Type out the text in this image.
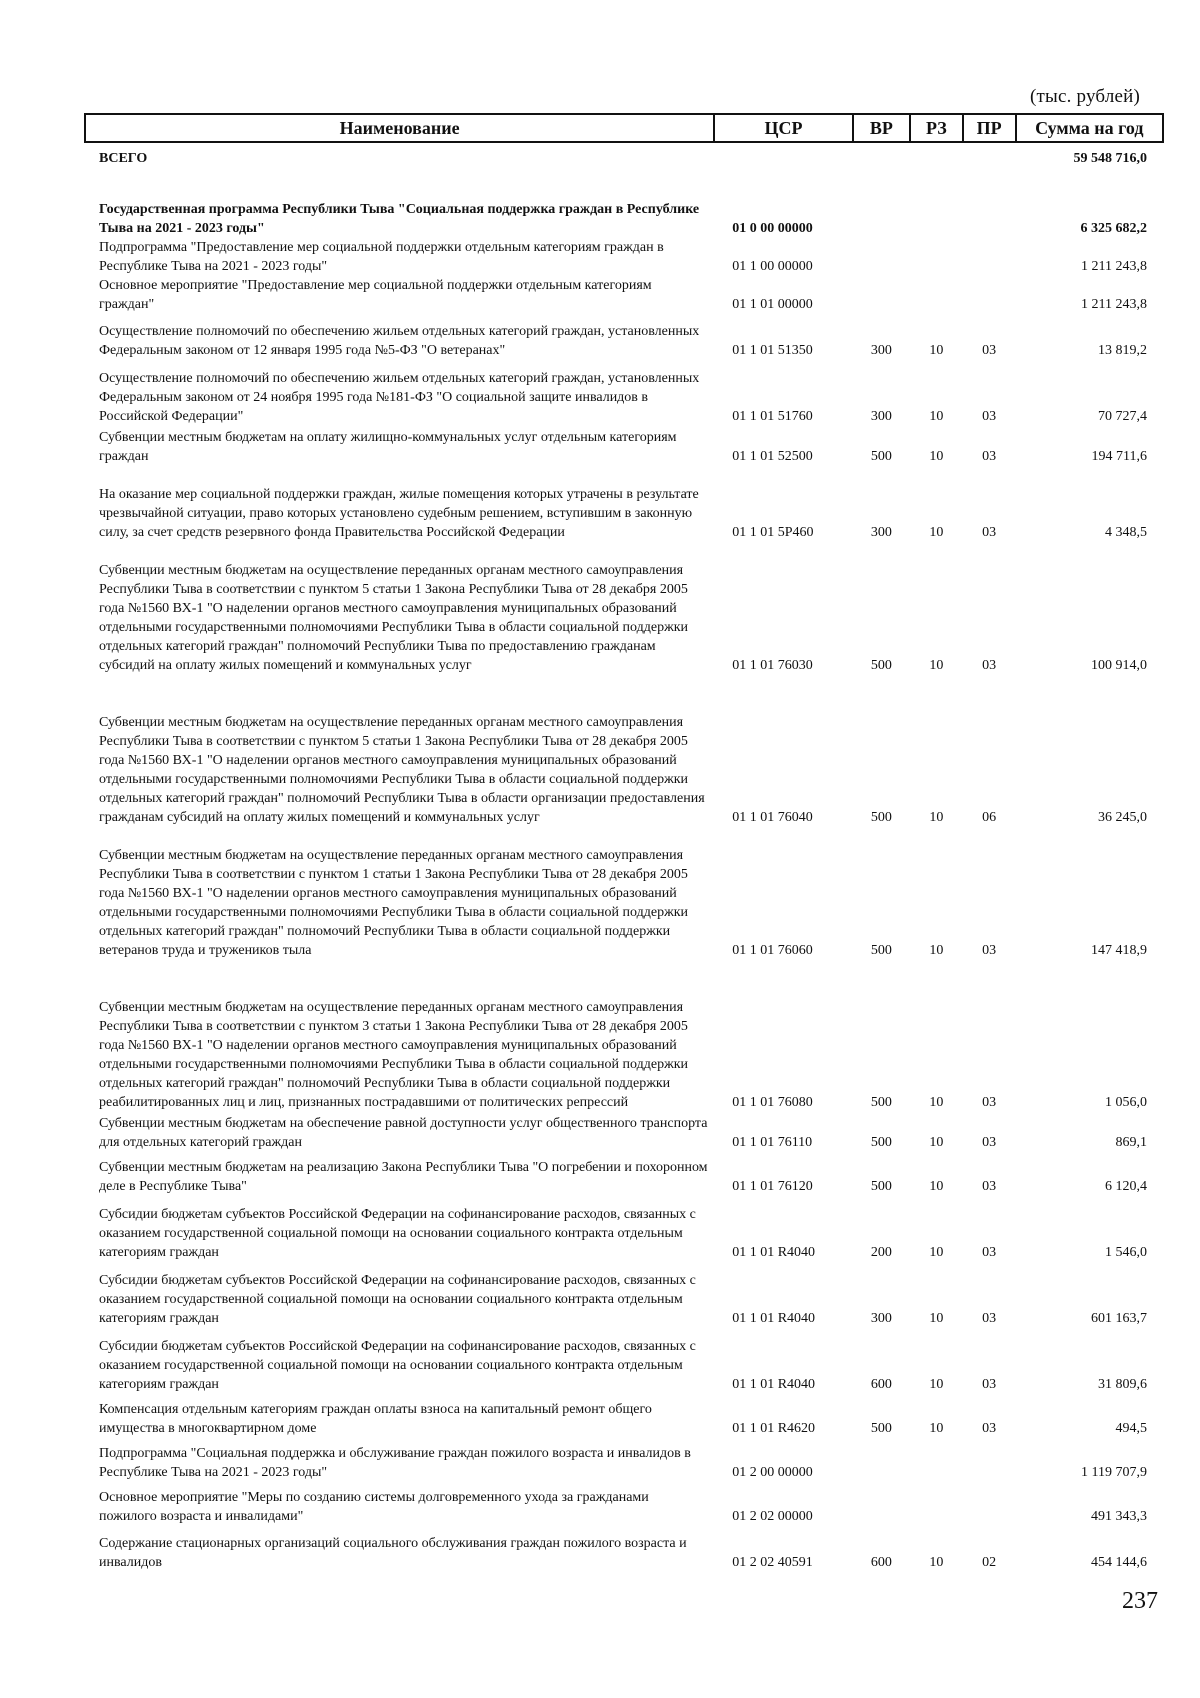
(тыс. рублей)
Наименование	ЦСР	ВР	РЗ	ПР	Сумма на год
ВСЕГО					59 548 716,0

Государственная программа Республики Тыва "Социальная поддержка граждан в Республике Тыва на 2021 - 2023 годы"	01 0 00 00000				6 325 682,2
Подпрограмма "Предоставление мер социальной поддержки отдельным категориям граждан в Республике Тыва на 2021 - 2023 годы"	01 1 00 00000				1 211 243,8
Основное мероприятие "Предоставление мер социальной поддержки отдельным категориям граждан"	01 1 01 00000				1 211 243,8
Осуществление полномочий по обеспечению жильем отдельных категорий граждан, установленных Федеральным законом от 12 января 1995 года №5-ФЗ "О ветеранах"	01 1 01 51350	300	10	03	13 819,2
Осуществление полномочий по обеспечению жильем отдельных категорий граждан, установленных Федеральным законом от 24 ноября 1995 года №181-ФЗ "О социальной защите инвалидов в Российской Федерации"	01 1 01 51760	300	10	03	70 727,4
Субвенции местным бюджетам на оплату жилищно-коммунальных услуг отдельным категориям граждан	01 1 01 52500	500	10	03	194 711,6
На оказание мер социальной поддержки граждан, жилые помещения которых утрачены в результате чрезвычайной ситуации, право которых установлено судебным решением, вступившим в законную силу, за счет средств резервного фонда Правительства Российской Федерации	01 1 01 5Р460	300	10	03	4 348,5
Субвенции местным бюджетам на осуществление переданных органам местного самоуправления Республики Тыва в соответствии с пунктом 5 статьи 1 Закона Республики Тыва от 28 декабря 2005 года №1560 ВХ-1 "О наделении органов местного самоуправления муниципальных образований отдельными государственными полномочиями Республики Тыва в области социальной поддержки отдельных категорий граждан" полномочий Республики Тыва по предоставлению гражданам субсидий на оплату жилых помещений и коммунальных услуг	01 1 01 76030	500	10	03	100 914,0
Субвенции местным бюджетам на осуществление переданных органам местного самоуправления Республики Тыва в соответствии с пунктом 5 статьи 1 Закона Республики Тыва от 28 декабря 2005 года №1560 ВХ-1 "О наделении органов местного самоуправления муниципальных образований отдельными государственными полномочиями Республики Тыва в области социальной поддержки отдельных категорий граждан" полномочий Республики Тыва в области организации предоставления гражданам субсидий на оплату жилых помещений и коммунальных услуг	01 1 01 76040	500	10	06	36 245,0
Субвенции местным бюджетам на осуществление переданных органам местного самоуправления Республики Тыва в соответствии с пунктом 1 статьи 1 Закона Республики Тыва от 28 декабря 2005 года №1560 ВХ-1 "О наделении органов местного самоуправления муниципальных образований отдельными государственными полномочиями Республики Тыва в области социальной поддержки отдельных категорий граждан" полномочий Республики Тыва в области социальной поддержки ветеранов труда и тружеников тыла	01 1 01 76060	500	10	03	147 418,9
Субвенции местным бюджетам на осуществление переданных органам местного самоуправления Республики Тыва в соответствии с пунктом 3 статьи 1 Закона Республики Тыва от 28 декабря 2005 года №1560 ВХ-1 "О наделении органов местного самоуправления муниципальных образований отдельными государственными полномочиями Республики Тыва в области социальной поддержки отдельных категорий граждан" полномочий Республики Тыва в области социальной поддержки реабилитированных лиц и лиц, признанных пострадавшими от политических репрессий	01 1 01 76080	500	10	03	1 056,0
Субвенции местным бюджетам на обеспечение равной доступности услуг общественного транспорта для отдельных категорий граждан	01 1 01 76110	500	10	03	869,1
Субвенции местным бюджетам на реализацию Закона Республики Тыва "О погребении и похоронном деле в Республике Тыва"	01 1 01 76120	500	10	03	6 120,4
Субсидии бюджетам субъектов Российской Федерации на софинансирование расходов, связанных с оказанием государственной социальной помощи на основании социального контракта отдельным категориям граждан	01 1 01 R4040	200	10	03	1 546,0
Субсидии бюджетам субъектов Российской Федерации на софинансирование расходов, связанных с оказанием государственной социальной помощи на основании социального контракта отдельным категориям граждан	01 1 01 R4040	300	10	03	601 163,7
Субсидии бюджетам субъектов Российской Федерации на софинансирование расходов, связанных с оказанием государственной социальной помощи на основании социального контракта отдельным категориям граждан	01 1 01 R4040	600	10	03	31 809,6
Компенсация отдельным категориям граждан оплаты взноса на капитальный ремонт общего имущества в многоквартирном доме	01 1 01 R4620	500	10	03	494,5
Подпрограмма "Социальная поддержка и обслуживание граждан пожилого возраста и инвалидов в Республике Тыва на 2021 - 2023 годы"	01 2 00 00000				1 119 707,9
Основное мероприятие "Меры по созданию системы долговременного ухода за гражданами пожилого возраста и инвалидами"	01 2 02 00000				491 343,3
Содержание стационарных организаций социального обслуживания граждан пожилого возраста и инвалидов	01 2 02 40591	600	10	02	454 144,6
237
